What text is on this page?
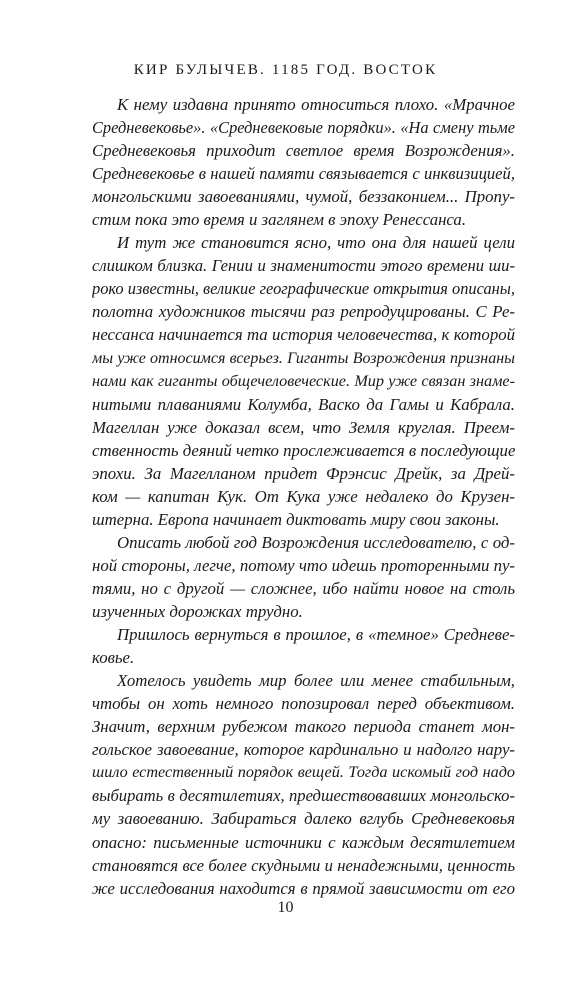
КИР БУЛЫЧЕВ. 1185 ГОД. ВОСТОК
К нему издавна принято относиться плохо. «Мрачное
Средневековье». «Средневековые порядки». «На смену тьме
Средневековья приходит светлое время Возрождения».
Средневековье в нашей памяти связывается с инквизицией,
монгольскими завоеваниями, чумой, беззаконием... Пропу-
стим пока это время и заглянем в эпоху Ренессанса.
И тут же становится ясно, что она для нашей цели
слишком близка. Гении и знаменитости этого времени ши-
роко известны, великие географические открытия описаны,
полотна художников тысячи раз репродуцированы. С Ре-
нессанса начинается та история человечества, к которой
мы уже относимся всерьез. Гиганты Возрождения признаны
нами как гиганты общечеловеческие. Мир уже связан знаме-
нитыми плаваниями Колумба, Васко да Гамы и Кабрала.
Магеллан уже доказал всем, что Земля круглая. Преем-
ственность деяний четко прослеживается в последующие
эпохи. За Магелланом придет Фрэнсис Дрейк, за Дрей-
ком — капитан Кук. От Кука уже недалеко до Крузен-
штерна. Европа начинает диктовать миру свои законы.
Описать любой год Возрождения исследователю, с од-
ной стороны, легче, потому что идешь проторенными пу-
тями, но с другой — сложнее, ибо найти новое на столь
изученных дорожках трудно.
Пришлось вернуться в прошлое, в «темное» Средневе-
ковье.
Хотелось увидеть мир более или менее стабильным,
чтобы он хоть немного попозировал перед объективом.
Значит, верхним рубежом такого периода станет мон-
гольское завоевание, которое кардинально и надолго нару-
шило естественный порядок вещей. Тогда искомый год надо
выбирать в десятилетиях, предшествовавших монгольско-
му завоеванию. Забираться далеко вглубь Средневековья
опасно: письменные источники с каждым десятилетием
становятся все более скудными и ненадежными, ценность
же исследования находится в прямой зависимости от его
10
